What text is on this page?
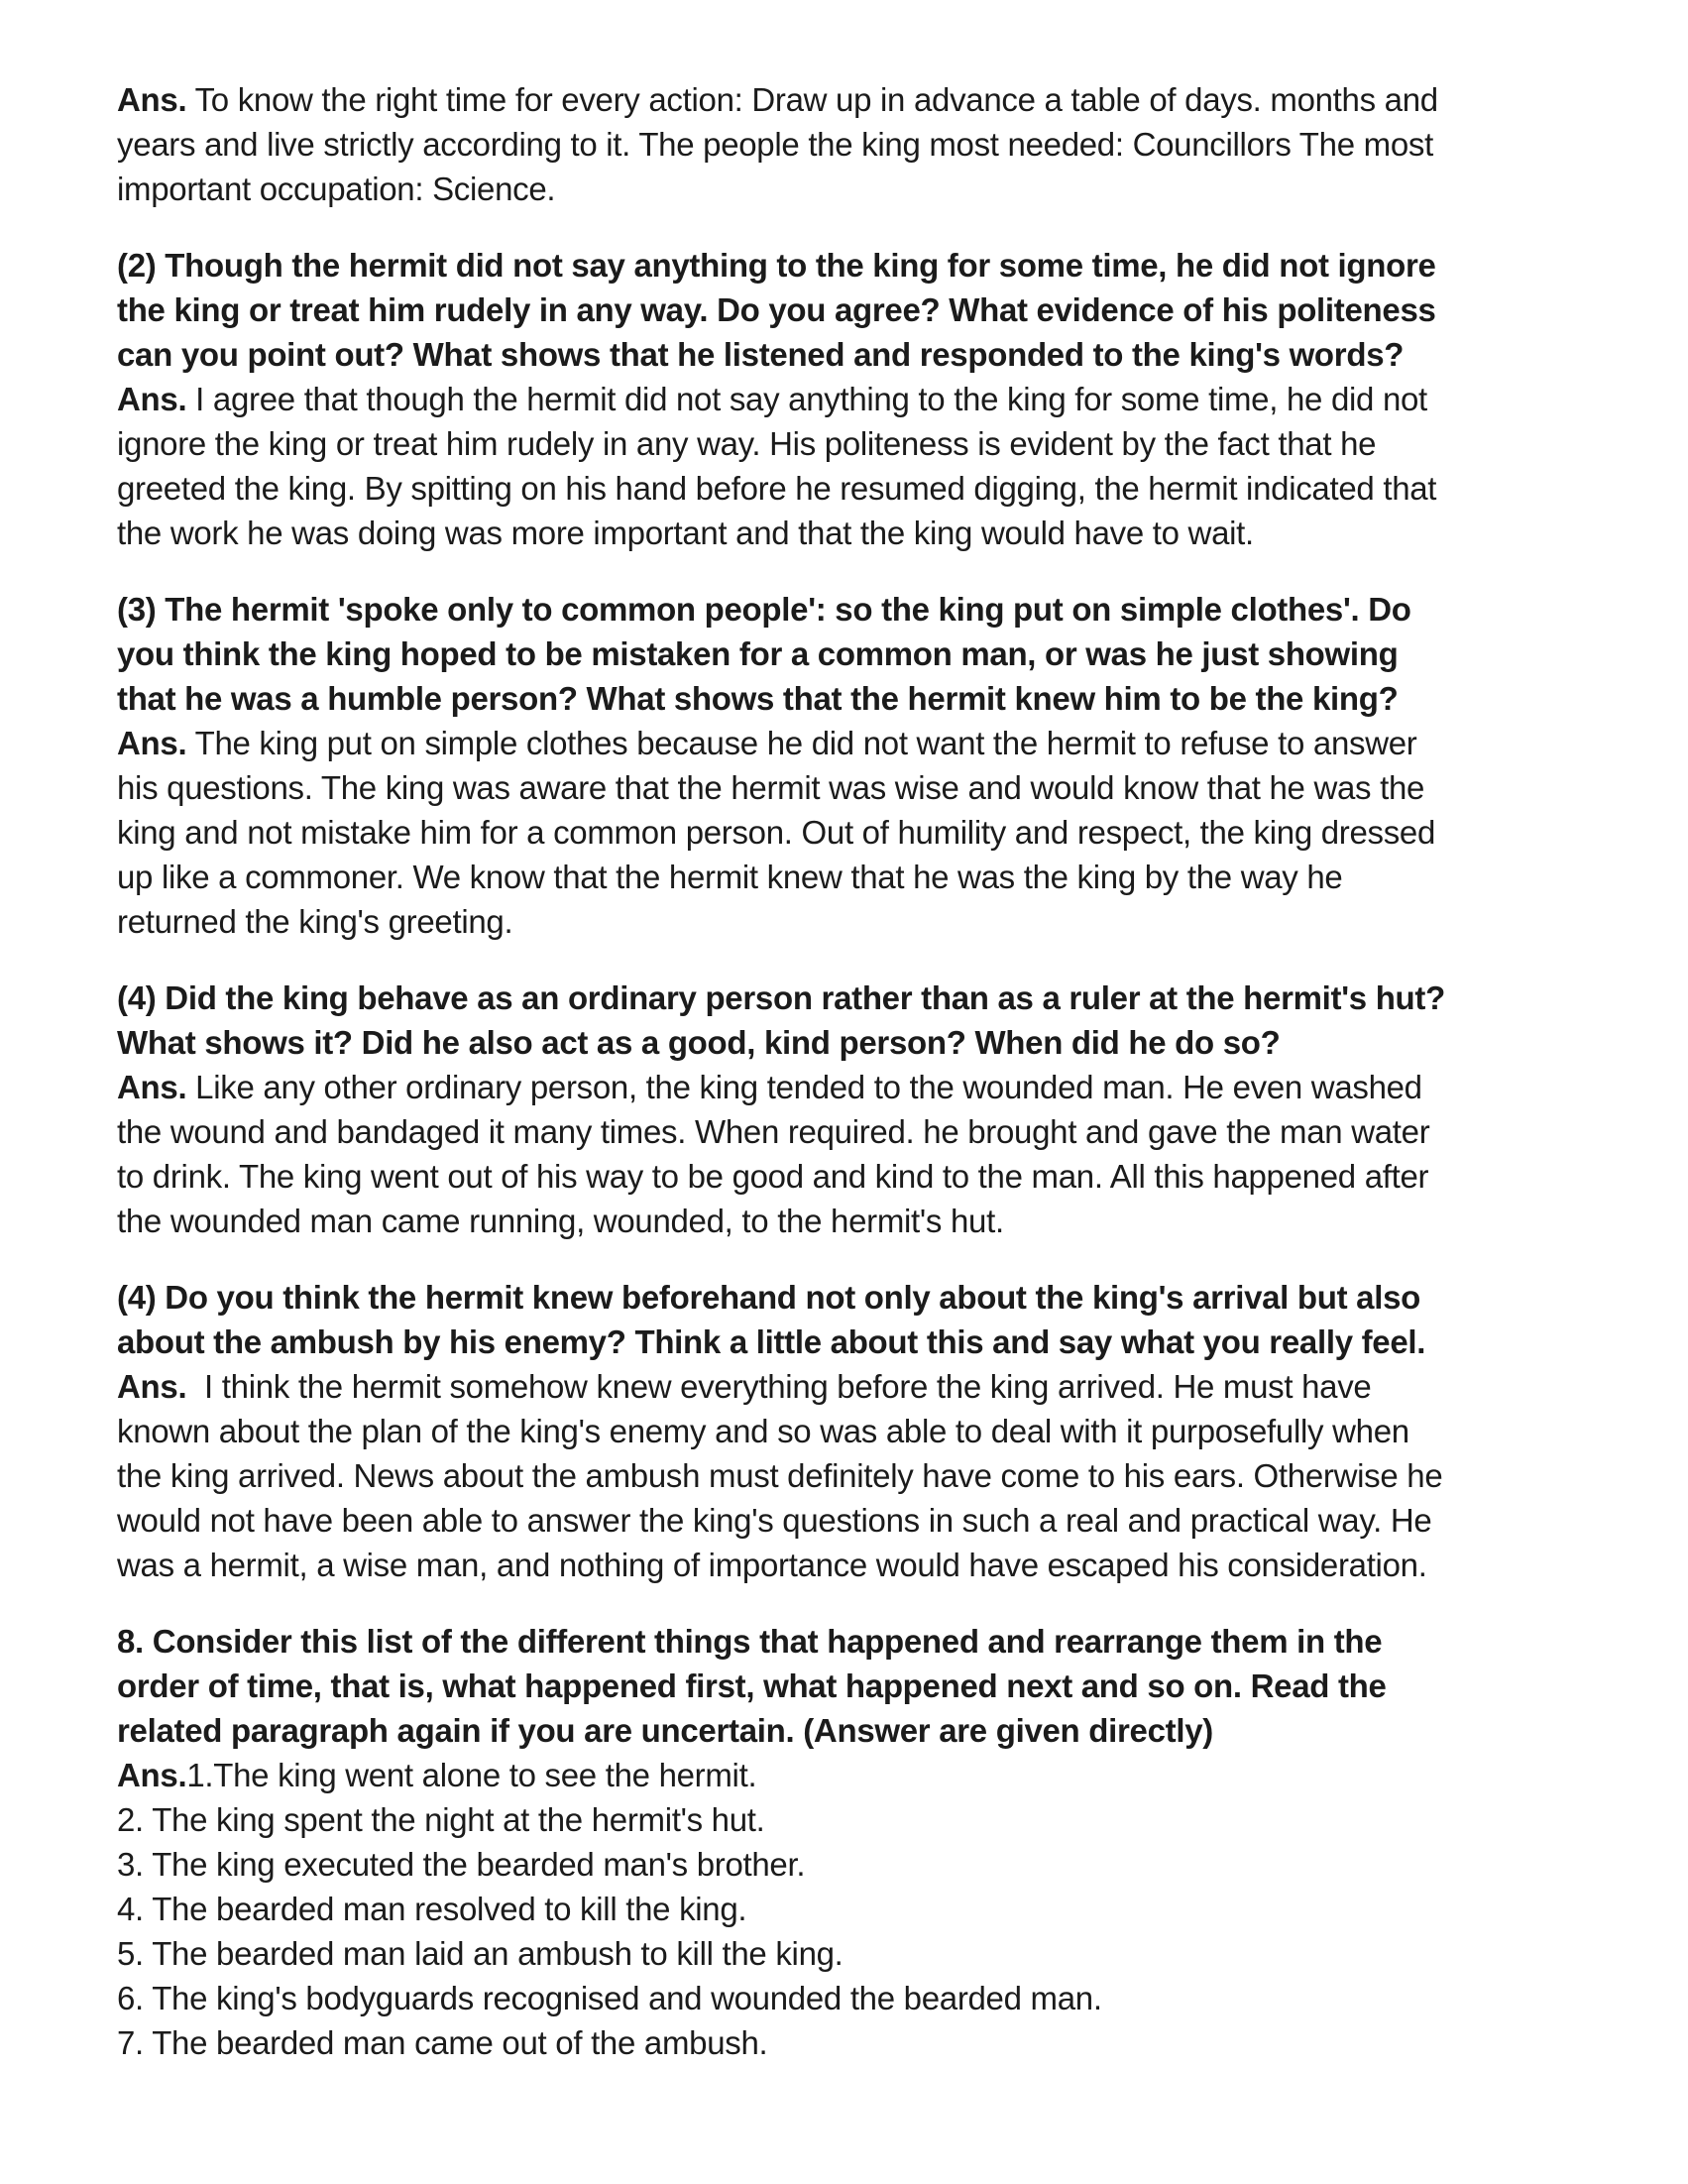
Ans. To know the right time for every action: Draw up in advance a table of days. months and
years and live strictly according to it. The people the king most needed: Councillors The most
important occupation: Science.
(2) Though the hermit did not say anything to the king for some time, he did not ignore
the king or treat him rudely in any way. Do you agree? What evidence of his politeness
can you point out? What shows that he listened and responded to the king's words?
Ans. I agree that though the hermit did not say anything to the king for some time, he did not
ignore the king or treat him rudely in any way. His politeness is evident by the fact that he
greeted the king. By spitting on his hand before he resumed digging, the hermit indicated that
the work he was doing was more important and that the king would have to wait.
(3) The hermit 'spoke only to common people': so the king put on simple clothes'. Do
you think the king hoped to be mistaken for a common man, or was he just showing
that he was a humble person? What shows that the hermit knew him to be the king?
Ans. The king put on simple clothes because he did not want the hermit to refuse to answer
his questions. The king was aware that the hermit was wise and would know that he was the
king and not mistake him for a common person. Out of humility and respect, the king dressed
up like a commoner. We know that the hermit knew that he was the king by the way he
returned the king's greeting.
(4) Did the king behave as an ordinary person rather than as a ruler at the hermit's hut?
What shows it? Did he also act as a good, kind person? When did he do so?
Ans. Like any other ordinary person, the king tended to the wounded man. He even washed
the wound and bandaged it many times. When required. he brought and gave the man water
to drink. The king went out of his way to be good and kind to the man. All this happened after
the wounded man came running, wounded, to the hermit's hut.
(4) Do you think the hermit knew beforehand not only about the king's arrival but also
about the ambush by his enemy? Think a little about this and say what you really feel.
Ans.  I think the hermit somehow knew everything before the king arrived. He must have
known about the plan of the king's enemy and so was able to deal with it purposefully when
the king arrived. News about the ambush must definitely have come to his ears. Otherwise he
would not have been able to answer the king's questions in such a real and practical way. He
was a hermit, a wise man, and nothing of importance would have escaped his consideration.
8. Consider this list of the different things that happened and rearrange them in the
order of time, that is, what happened first, what happened next and so on. Read the
related paragraph again if you are uncertain. (Answer are given directly)
Ans.1.The king went alone to see the hermit.
2. The king spent the night at the hermit's hut.
3. The king executed the bearded man's brother.
4. The bearded man resolved to kill the king.
5. The bearded man laid an ambush to kill the king.
6. The king's bodyguards recognised and wounded the bearded man.
7. The bearded man came out of the ambush.
